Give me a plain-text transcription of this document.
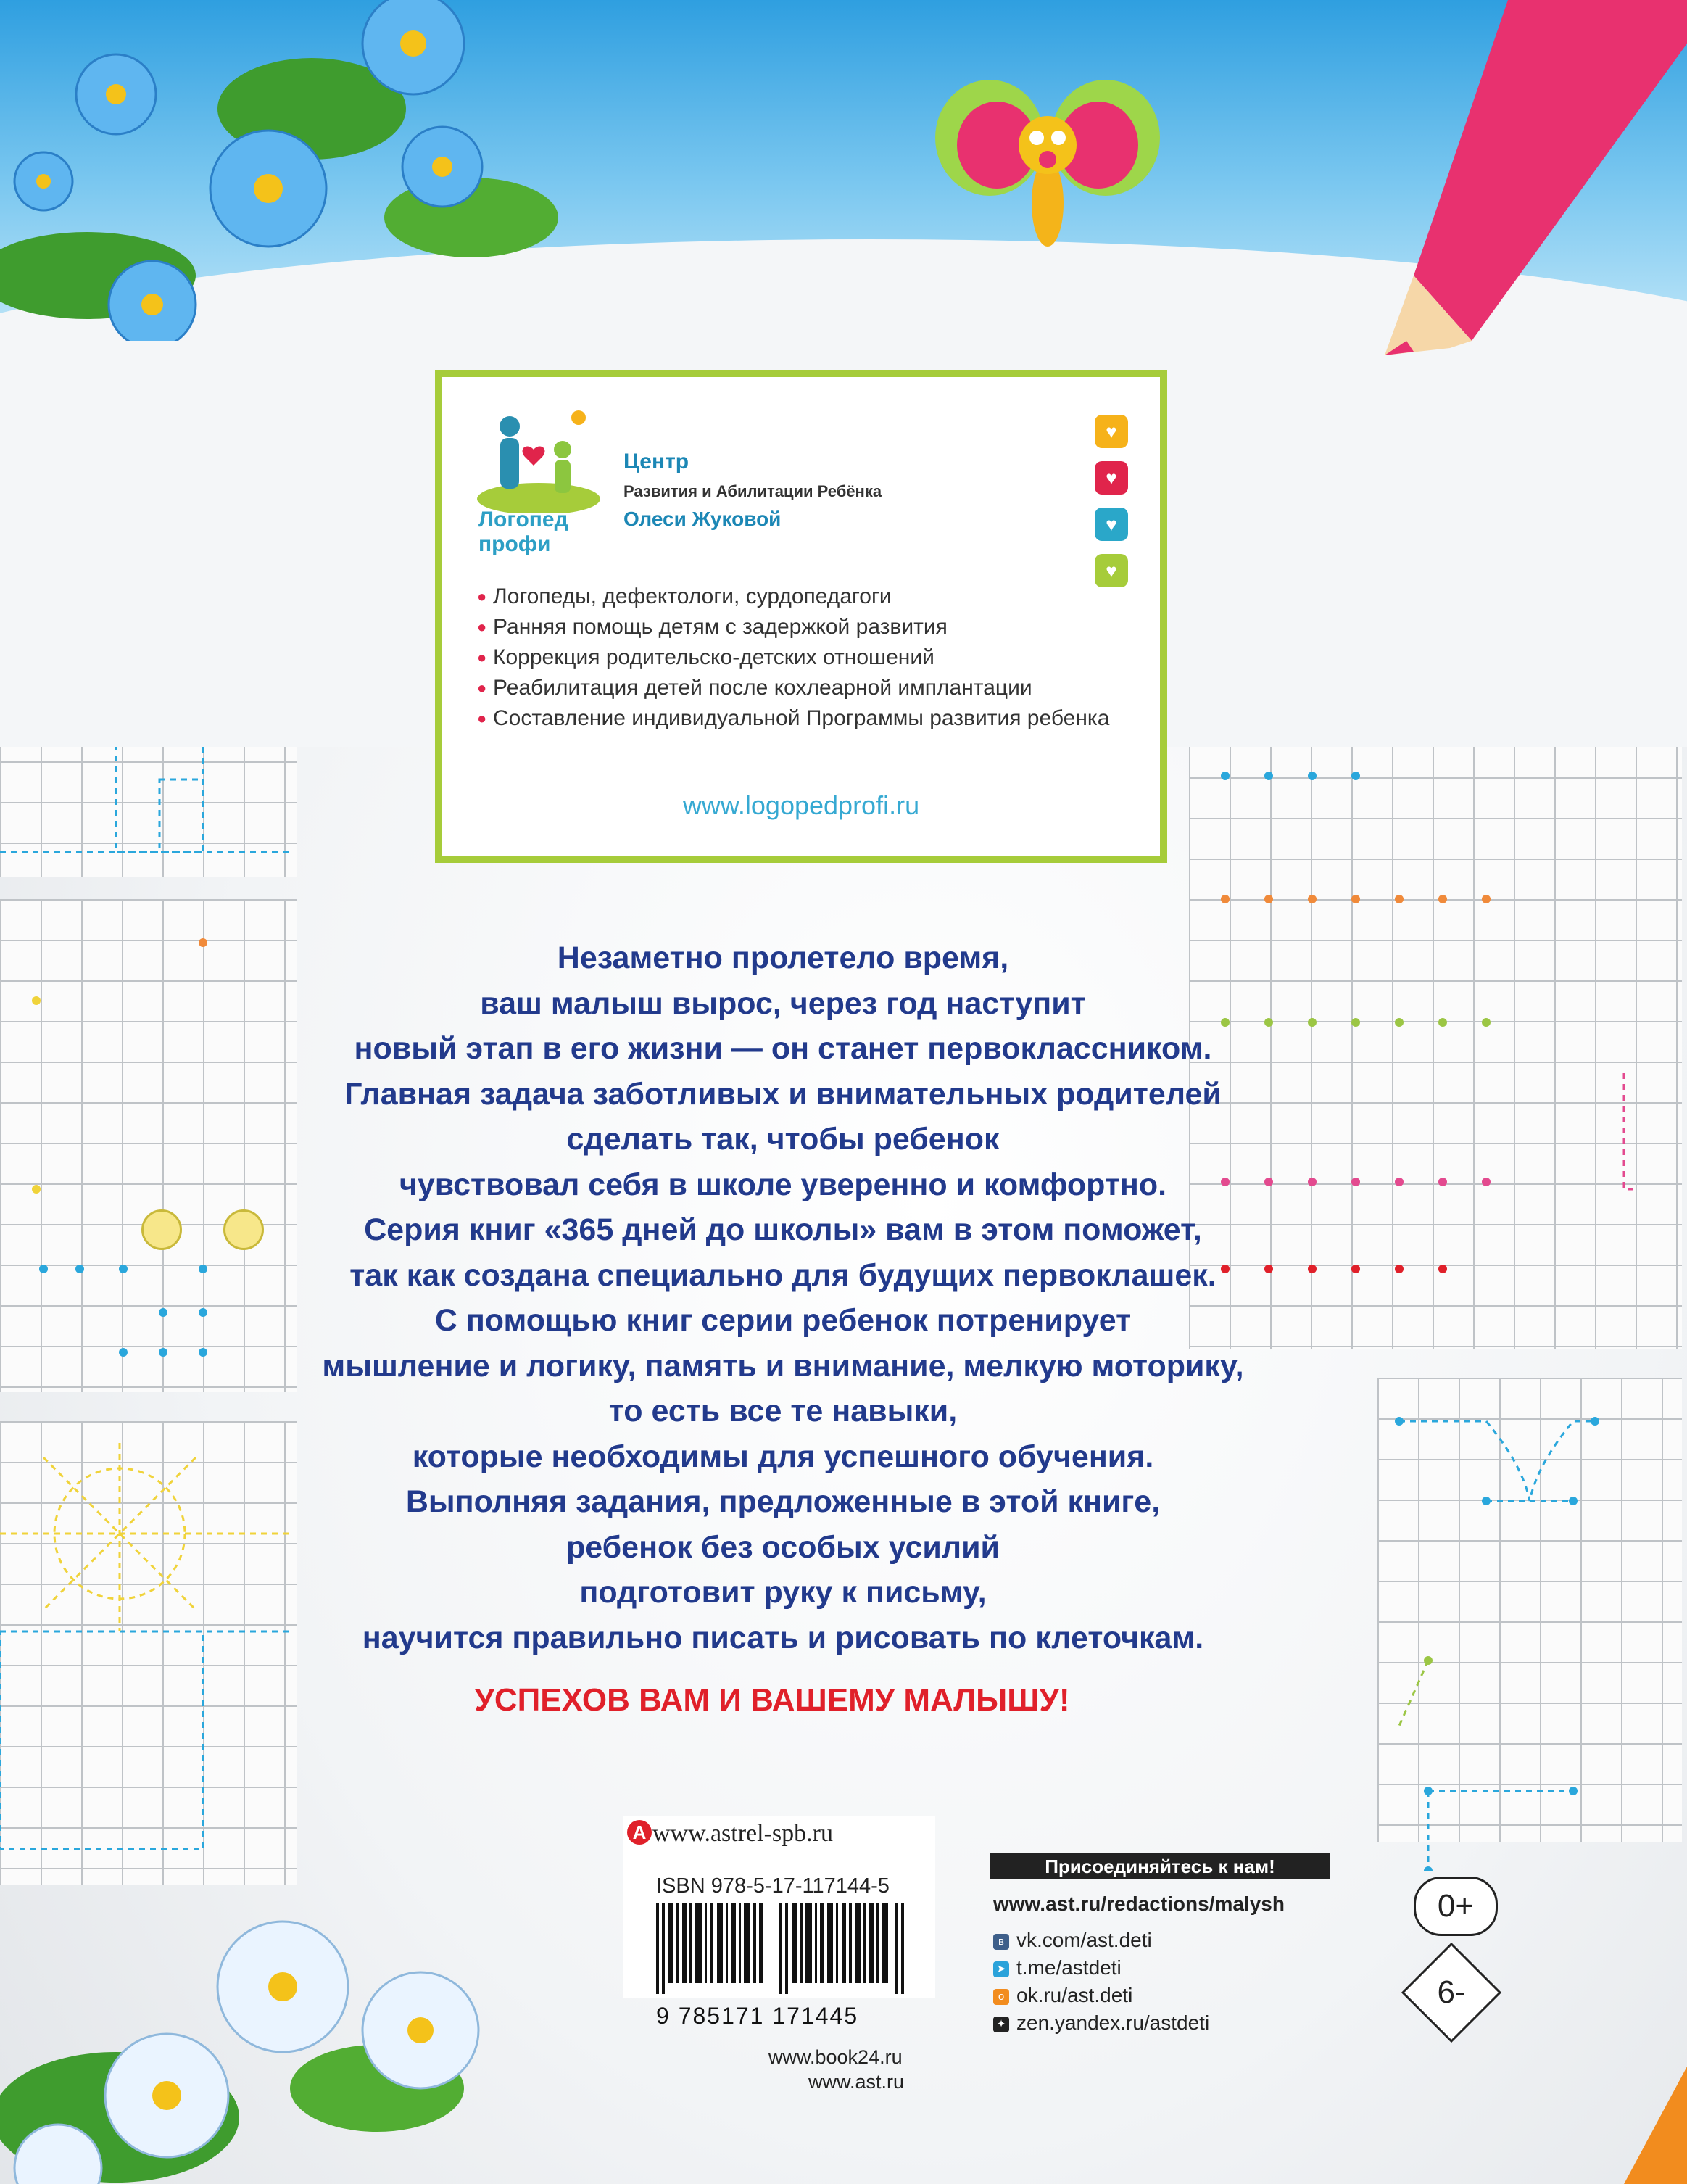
Логопед профи
Центр
Развития и Абилитации Ребёнка
Олеси Жуковой
♥
♥
♥
♥
● Логопеды, дефектологи, сурдопедагоги
● Ранняя помощь детям с задержкой развития
● Коррекция родительско-детских отношений
● Реабилитация детей после кохлеарной имплантации
● Составление индивидуальной Программы развития ребенка
www.logopedprofi.ru

Незаметно пролетело время,

ваш малыш вырос, через год наступит

новый этап в его жизни — он станет первоклассником.

Главная задача заботливых и внимательных родителей

сделать так, чтобы ребенок

чувствовал себя в школе уверенно и комфортно.

Серия книг «365 дней до школы» вам в этом поможет,

так как создана специально для будущих первоклашек.

С помощью книг серии ребенок потренирует

мышление и логику, память и внимание, мелкую моторику,

то есть все те навыки,

которые необходимы для успешного обучения.

Выполняя задания, предложенные в этой книге,

ребенок без особых усилий

подготовит руку к письму,

научится правильно писать и рисовать по клеточкам.

УСПЕХОВ ВАМ И ВАШЕМУ МАЛЫШУ!
A www.astrel-spb.ru
ISBN 978-5-17-117144-5
9 785171 171445
www.book24.ru
www.ast.ru
Присоединяйтесь к нам!
www.ast.ru/redactions/malysh
в vk.com/ast.deti
➤ t.me/astdeti
о ok.ru/ast.deti
✦ zen.yandex.ru/astdeti
0+
6-
